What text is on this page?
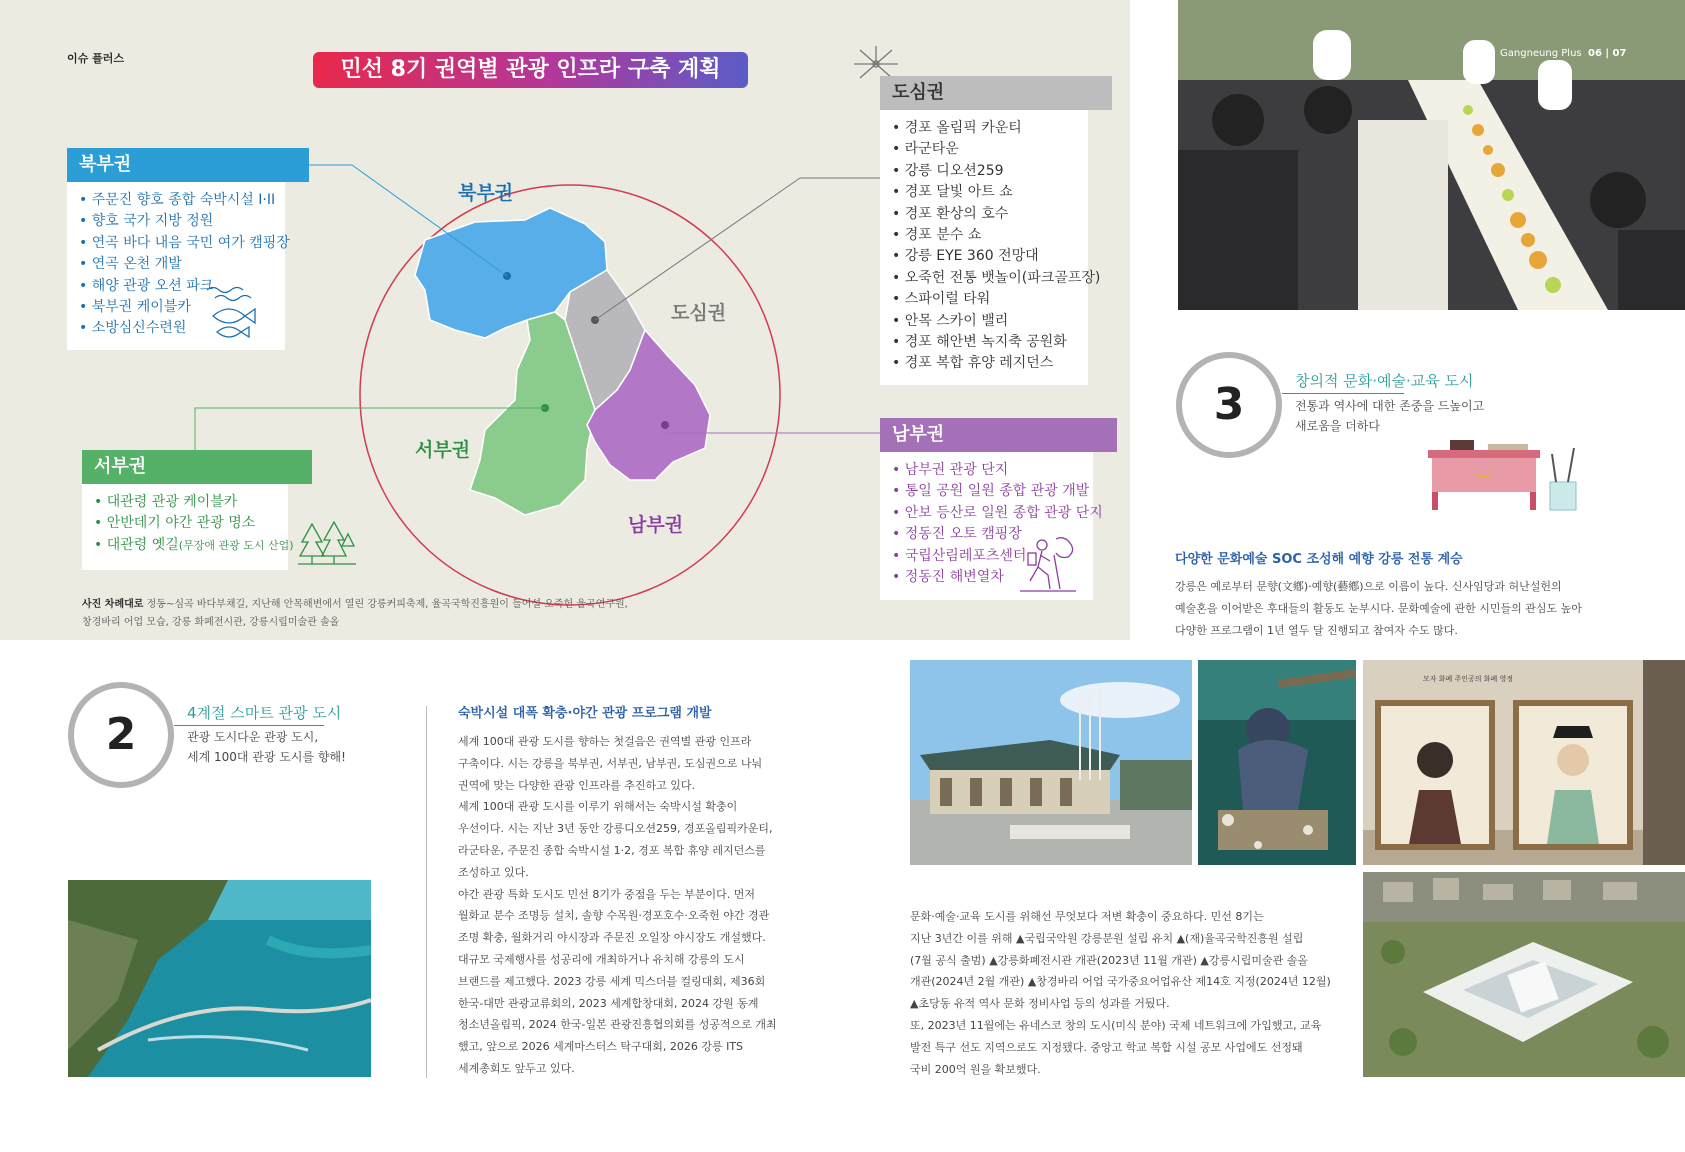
이슈 플러스	민선 8기 권역별 관광 인프라 구축 계획
북부권
도심권
서부권
남부권
북부권
• 주문진 향호 종합 숙박시설 I·II
• 향호 국가 지방 정원
• 연곡 바다 내음 국민 여가 캠핑장
• 연곡 온천 개발
• 해양 관광 오션 파크
• 북부권 케이블카
• 소방심신수련원
서부권
• 대관령 관광 케이블카
• 안반데기 야간 관광 명소
• 대관령 옛길(무장애 관광 도시 산업)
도심권
• 경포 올림픽 카운티
• 라군타운
• 강릉 디오션259
• 경포 달빛 아트 쇼
• 경포 환상의 호수
• 경포 분수 쇼
• 강릉 EYE 360 전망대
• 오죽헌 전통 뱃놀이(파크골프장)
• 스파이럴 타워
• 안목 스카이 밸리
• 경포 해안변 녹지축 공원화
• 경포 복합 휴양 레지던스
남부권
• 남부권 관광 단지
• 통일 공원 일원 종합 관광 개발
• 안보 등산로 일원 종합 관광 단지
• 정동진 오토 캠핑장
• 국립산림레포츠센터
• 정동진 해변열차
사진 차례대로 정동~심곡 바다부채길, 지난해 안목해변에서 열린 강릉커피축제, 율곡국학진흥원이 들어설 오죽헌 율곡연구원,
창경바리 어업 모습, 강릉 화폐전시관, 강릉시립미술관 솔올
Gangneung Plus 06 | 07
3	창의적 문화·예술·교육 도시
전통과 역사에 대한 존중을 드높이고
새로움을 더하다
다양한 문화예술 SOC 조성해 예향 강릉 전통 계승
강릉은 예로부터 문향(文鄕)·예향(藝鄕)으로 이름이 높다. 신사임당과 허난설헌의
예술혼을 이어받은 후대들의 활동도 눈부시다. 문화예술에 관한 시민들의 관심도 높아
다양한 프로그램이 1년 열두 달 진행되고 참여자 수도 많다.
2	4계절 스마트 관광 도시
관광 도시다운 관광 도시,
세계 100대 관광 도시를 향해!
숙박시설 대폭 확충·야간 관광 프로그램 개발
세계 100대 관광 도시를 향하는 첫걸음은 권역별 관광 인프라
구축이다. 시는 강릉을 북부권, 서부권, 남부권, 도심권으로 나눠
권역에 맞는 다양한 관광 인프라를 추진하고 있다.
세계 100대 관광 도시를 이루기 위해서는 숙박시설 확충이
우선이다. 시는 지난 3년 동안 강릉디오션259, 경포올림픽카운티,
라군타운, 주문진 종합 숙박시설 1·2, 경포 복합 휴양 레지던스를
조성하고 있다.
야간 관광 특화 도시도 민선 8기가 중점을 두는 부분이다. 먼저
월화교 분수 조명등 설치, 솔향 수목원·경포호수·오죽헌 야간 경관
조명 확충, 월화거리 야시장과 주문진 오일장 야시장도 개설했다.
대규모 국제행사를 성공리에 개최하거나 유치해 강릉의 도시
브랜드를 제고했다. 2023 강릉 세계 믹스더블 컬링대회, 제36회
한국-대만 관광교류회의, 2023 세계합창대회, 2024 강원 동계
청소년올림픽, 2024 한국-일본 관광진흥협의회를 성공적으로 개최
했고, 앞으로 2026 세계마스터스 탁구대회, 2026 강릉 ITS
세계총회도 앞두고 있다.
모자 화폐 주인공의 화폐 영정
문화·예술·교육 도시를 위해선 무엇보다 저변 확충이 중요하다. 민선 8기는
지난 3년간 이를 위해 ▲국립국악원 강릉분원 설립 유치 ▲(재)율곡국학진흥원 설립
(7월 공식 출범) ▲강릉화폐전시관 개관(2023년 11월 개관) ▲강릉시립미술관 솔올
개관(2024년 2월 개관) ▲창경바리 어업 국가중요어업유산 제14호 지정(2024년 12월)
▲초당동 유적 역사 문화 정비사업 등의 성과를 거뒀다.
또, 2023년 11월에는 유네스코 창의 도시(미식 분야) 국제 네트워크에 가입했고, 교육
발전 특구 선도 지역으로도 지정됐다. 중앙고 학교 복합 시설 공모 사업에도 선정돼
국비 200억 원을 확보했다.
